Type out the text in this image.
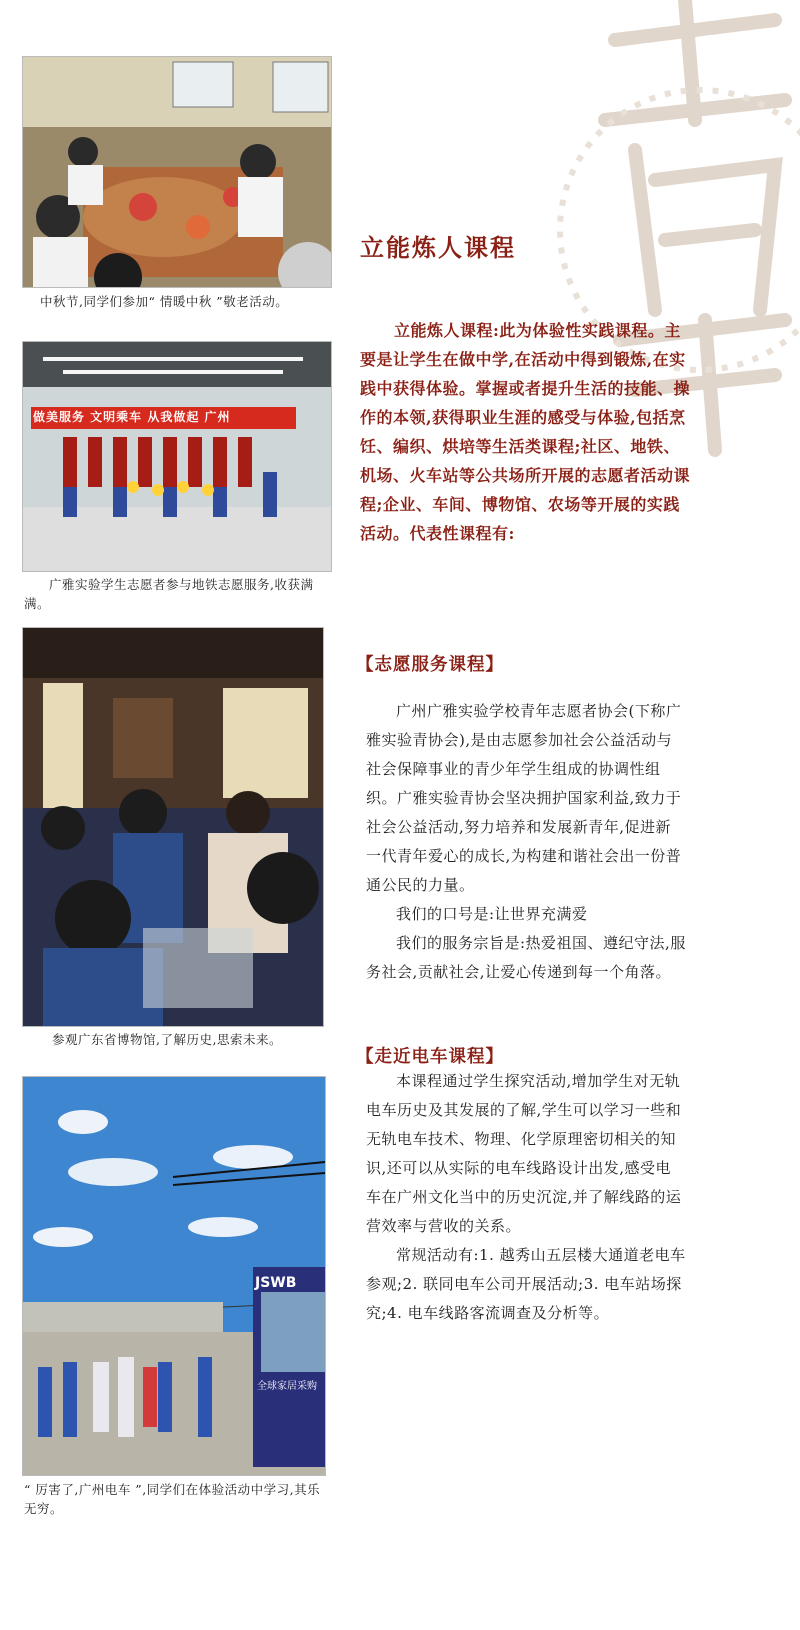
中秋节,同学们参加“ 情暖中秋 ”敬老活动。
做美服务 文明乘车 从我做起 广州
广雅实验学生志愿者参与地铁志愿服务,收获满满。
参观广东省博物馆,了解历史,思索未来。
JSWB
全球家居采购
“ 厉害了,广州电车 ”,同学们在体验活动中学习,其乐无穷。
立能炼人课程
立能炼人课程:此为体验性实践课程。主要是让学生在做中学,在活动中得到锻炼,在实践中获得体验。掌握或者提升生活的技能、操作的本领,获得职业生涯的感受与体验,包括烹饪、编织、烘培等生活类课程;社区、地铁、机场、火车站等公共场所开展的志愿者活动课程;企业、车间、博物馆、农场等开展的实践活动。代表性课程有:
【志愿服务课程】

广州广雅实验学校青年志愿者协会(下称广雅实验青协会),是由志愿参加社会公益活动与社会保障事业的青少年学生组成的协调性组织。广雅实验青协会坚决拥护国家利益,致力于社会公益活动,努力培养和发展新青年,促进新一代青年爱心的成长,为构建和谐社会出一份普通公民的力量。

我们的口号是:让世界充满爱

我们的服务宗旨是:热爱祖国、遵纪守法,服务社会,贡献社会,让爱心传递到每一个角落。

【走近电车课程】

本课程通过学生探究活动,增加学生对无轨电车历史及其发展的了解,学生可以学习一些和无轨电车技术、物理、化学原理密切相关的知识,还可以从实际的电车线路设计出发,感受电车在广州文化当中的历史沉淀,并了解线路的运营效率与营收的关系。

常规活动有:1. 越秀山五层楼大通道老电车参观;2. 联同电车公司开展活动;3. 电车站场探究;4. 电车线路客流调查及分析等。
